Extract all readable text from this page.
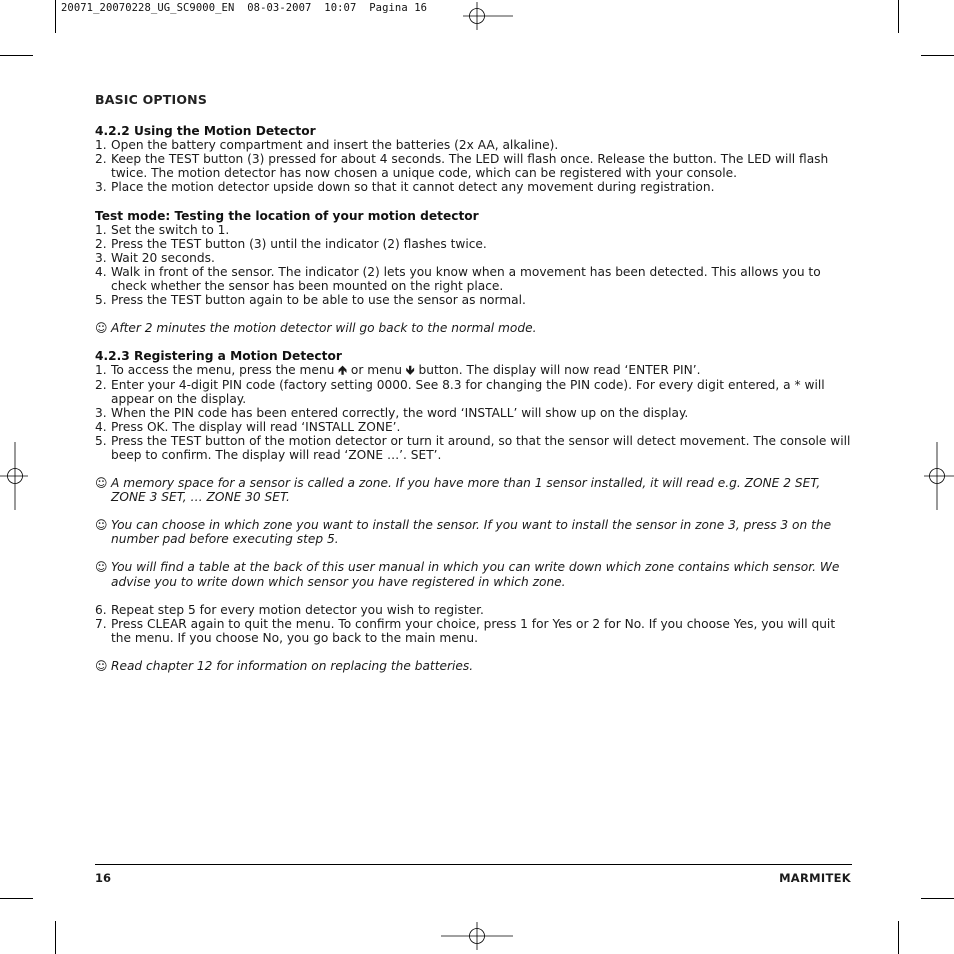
20071_20070228_UG_SC9000_EN 08-03-2007 10:07 Pagina 16
BASIC OPTIONS
4.2.2 Using the Motion Detector
1. Open the battery compartment and insert the batteries (2x AA, alkaline).
2. Keep the TEST button (3) pressed for about 4 seconds. The LED will flash once. Release the button. The LED will flash twice. The motion detector has now chosen a unique code, which can be registered with your console.
3. Place the motion detector upside down so that it cannot detect any movement during registration.
Test mode: Testing the location of your motion detector
1. Set the switch to 1.
2. Press the TEST button (3) until the indicator (2) flashes twice.
3. Wait 20 seconds.
4. Walk in front of the sensor. The indicator (2) lets you know when a movement has been detected. This allows you to check whether the sensor has been mounted on the right place.
5. Press the TEST button again to be able to use the sensor as normal.
☺ After 2 minutes the motion detector will go back to the normal mode.
4.2.3 Registering a Motion Detector
1. To access the menu, press the menu 🡹 or menu 🡻 button. The display will now read ‘ENTER PIN’.
2. Enter your 4-digit PIN code (factory setting 0000. See 8.3 for changing the PIN code). For every digit entered, a * will appear on the display.
3. When the PIN code has been entered correctly, the word ‘INSTALL’ will show up on the display.
4. Press OK. The display will read ‘INSTALL ZONE’.
5. Press the TEST button of the motion detector or turn it around, so that the sensor will detect movement. The console will beep to confirm. The display will read ‘ZONE …’. SET’.
☺ A memory space for a sensor is called a zone. If you have more than 1 sensor installed, it will read e.g. ZONE 2 SET, ZONE 3 SET, … ZONE 30 SET.
☺ You can choose in which zone you want to install the sensor. If you want to install the sensor in zone 3, press 3 on the number pad before executing step 5.
☺ You will find a table at the back of this user manual in which you can write down which zone contains which sensor. We advise you to write down which sensor you have registered in which zone.
6. Repeat step 5 for every motion detector you wish to register.
7. Press CLEAR again to quit the menu. To confirm your choice, press 1 for Yes or 2 for No. If you choose Yes, you will quit the menu. If you choose No, you go back to the main menu.
☺ Read chapter 12 for information on replacing the batteries.
16	MARMITEK
